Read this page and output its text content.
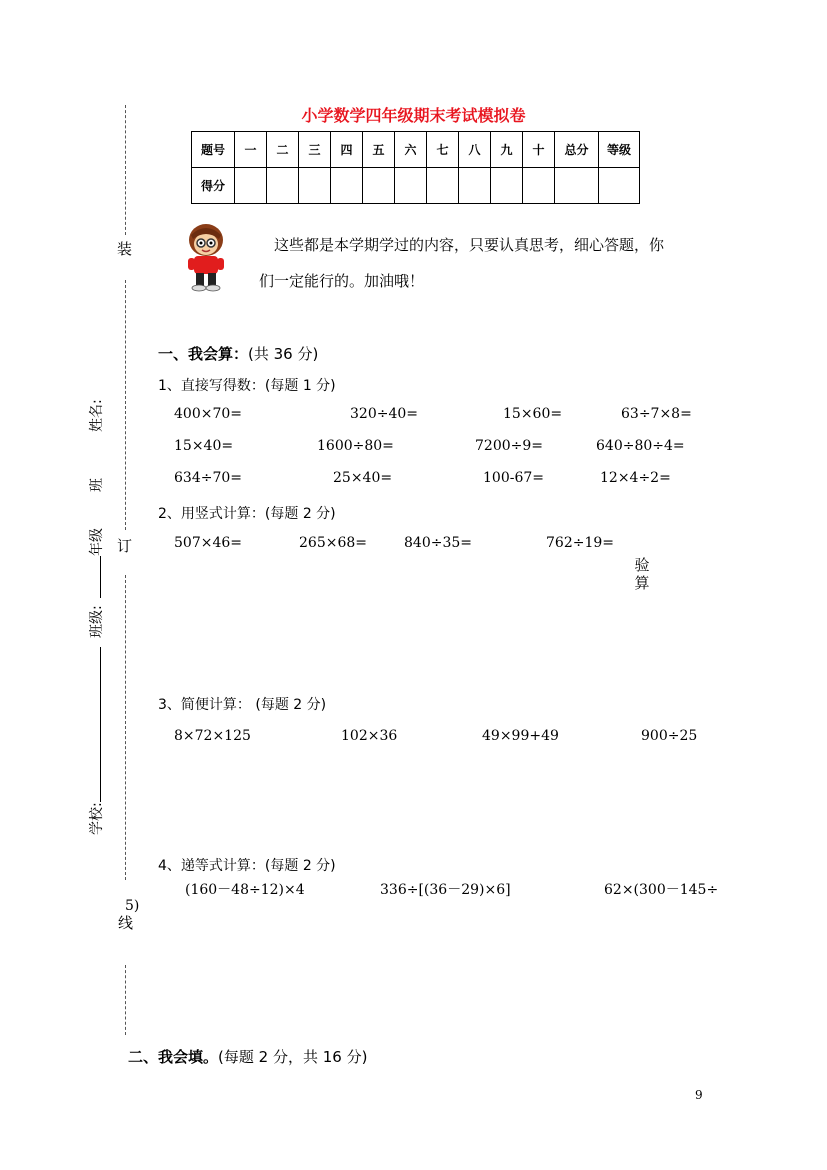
小学数学四年级期末考试模拟卷
题号	一	二	三	四	五	六	七	八	九	十	总分	等级
得分												
装
订
线
姓名:
班
年级
班级:
学校:
这些都是本学期学过的内容，只要认真思考，细心答题，你
们一定能行的。加油哦！
一、我会算：(共 36 分)
1、直接写得数：(每题 1 分)
400×70=	320÷40=	15×60=	63÷7×8=
15×40=	1600÷80=	7200÷9=	640÷80÷4=
634÷70=	25×40=	100-67=	12×4÷2=
2、用竖式计算：(每题 2 分)
507×46=	265×68=	840÷35=	762÷19=
验算
3、简便计算： (每题 2 分)
8×72×125	102×36	49×99+49	900÷25
4、递等式计算：(每题 2 分)
(160－48÷12)×4	336÷[(36－29)×6]	62×(300－145÷
5)
二、我会填。(每题 2 分，共 16 分)
9
